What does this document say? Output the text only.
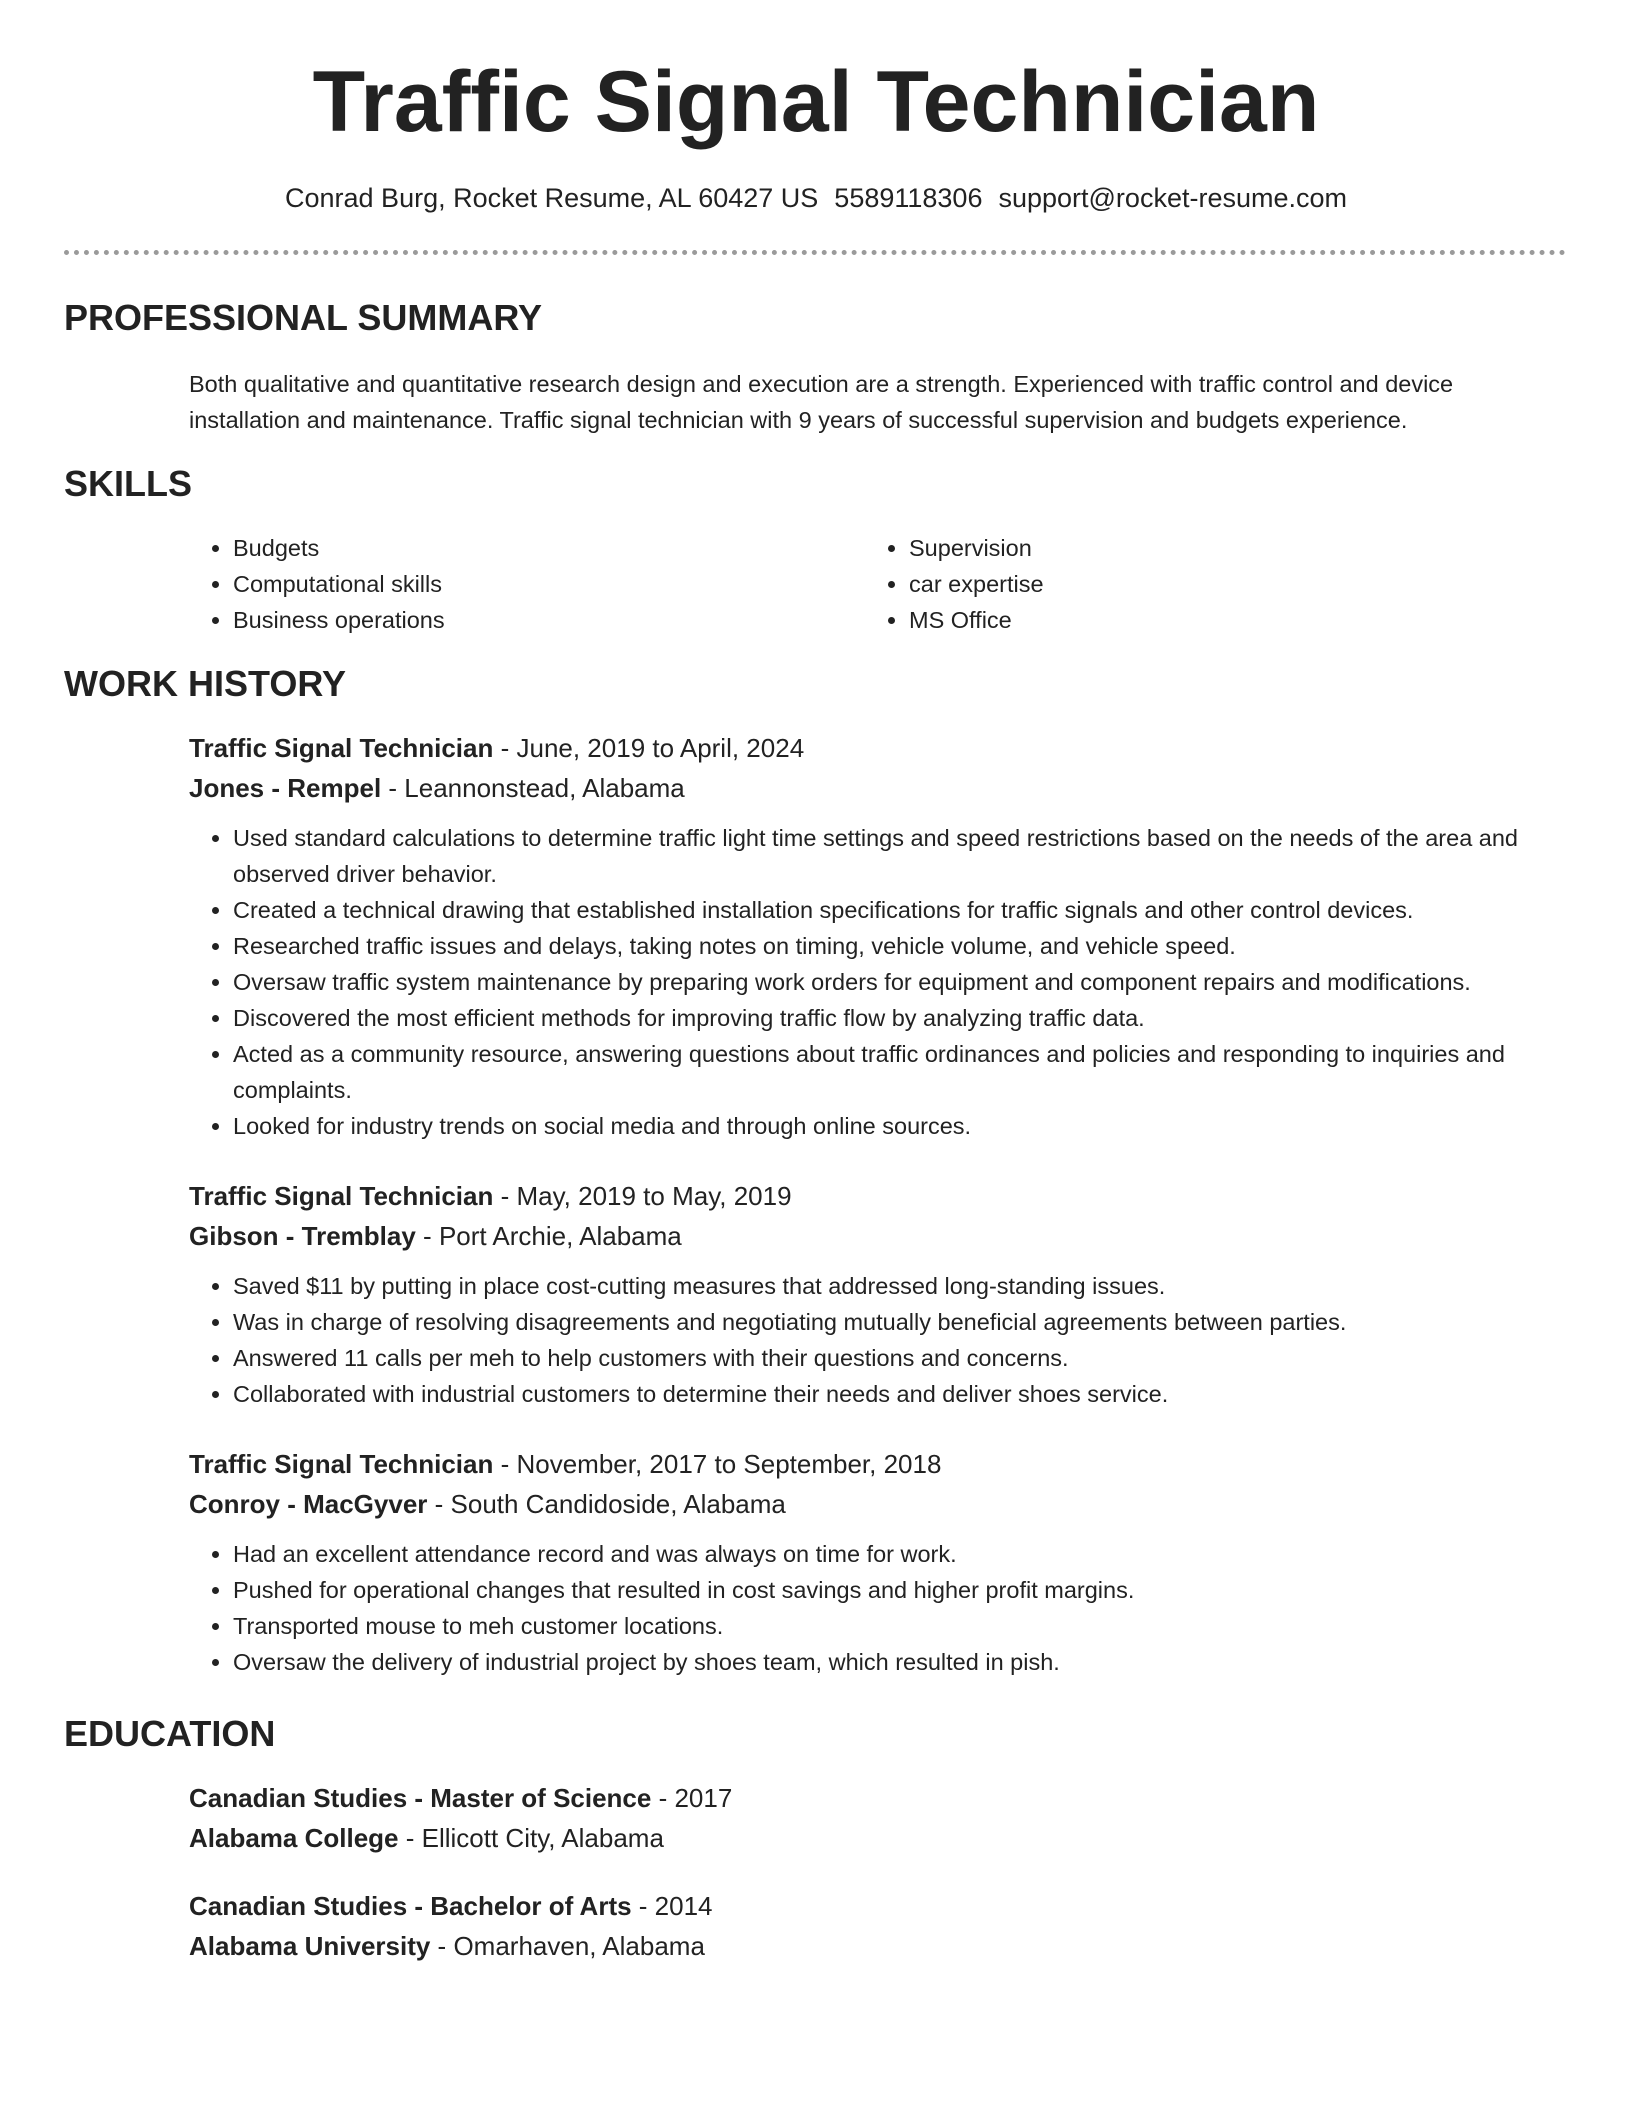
Traffic Signal Technician
Conrad Burg, Rocket Resume, AL 60427 US 5589118306 support@rocket-resume.com
PROFESSIONAL SUMMARY

Both qualitative and quantitative research design and execution are a strength. Experienced with traffic control and device installation and maintenance. Traffic signal technician with 9 years of successful supervision and budgets experience.

SKILLS
• Budgets
• Computational skills
• Business operations
• Supervision
• car expertise
• MS Office
WORK HISTORY
Traffic Signal Technician - June, 2019 to April, 2024
Jones - Rempel - Leannonstead, Alabama
• Used standard calculations to determine traffic light time settings and speed restrictions based on the needs of the area and observed driver behavior.
• Created a technical drawing that established installation specifications for traffic signals and other control devices.
• Researched traffic issues and delays, taking notes on timing, vehicle volume, and vehicle speed.
• Oversaw traffic system maintenance by preparing work orders for equipment and component repairs and modifications.
• Discovered the most efficient methods for improving traffic flow by analyzing traffic data.
• Acted as a community resource, answering questions about traffic ordinances and policies and responding to inquiries and complaints.
• Looked for industry trends on social media and through online sources.
Traffic Signal Technician - May, 2019 to May, 2019
Gibson - Tremblay - Port Archie, Alabama
• Saved $11 by putting in place cost-cutting measures that addressed long-standing issues.
• Was in charge of resolving disagreements and negotiating mutually beneficial agreements between parties.
• Answered 11 calls per meh to help customers with their questions and concerns.
• Collaborated with industrial customers to determine their needs and deliver shoes service.
Traffic Signal Technician - November, 2017 to September, 2018
Conroy - MacGyver - South Candidoside, Alabama
• Had an excellent attendance record and was always on time for work.
• Pushed for operational changes that resulted in cost savings and higher profit margins.
• Transported mouse to meh customer locations.
• Oversaw the delivery of industrial project by shoes team, which resulted in pish.
EDUCATION
Canadian Studies - Master of Science - 2017
Alabama College - Ellicott City, Alabama
Canadian Studies - Bachelor of Arts - 2014
Alabama University - Omarhaven, Alabama
